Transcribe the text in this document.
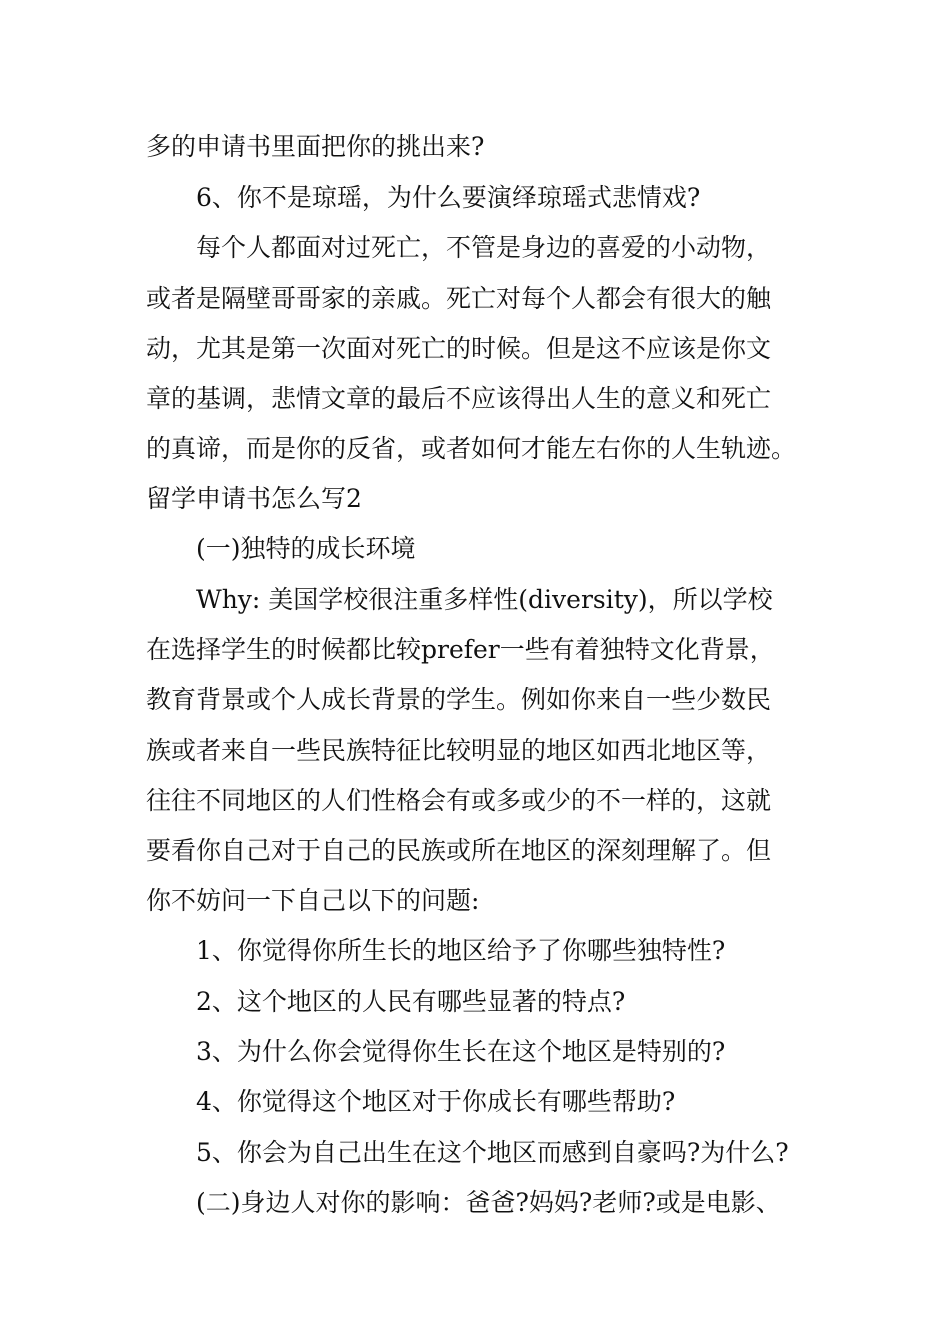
多的申请书里面把你的挑出来?
6、你不是琼瑶，为什么要演绎琼瑶式悲情戏?
每个人都面对过死亡，不管是身边的喜爱的小动物，
或者是隔壁哥哥家的亲戚。死亡对每个人都会有很大的触
动，尤其是第一次面对死亡的时候。但是这不应该是你文
章的基调，悲情文章的最后不应该得出人生的意义和死亡
的真谛，而是你的反省，或者如何才能左右你的人生轨迹。
留学申请书怎么写2
(一)独特的成长环境
Why: 美国学校很注重多样性(diversity)，所以学校
在选择学生的时候都比较prefer一些有着独特文化背景，
教育背景或个人成长背景的学生。例如你来自一些少数民
族或者来自一些民族特征比较明显的地区如西北地区等，
往往不同地区的人们性格会有或多或少的不一样的，这就
要看你自己对于自己的民族或所在地区的深刻理解了。但
你不妨问一下自己以下的问题:
1、你觉得你所生长的地区给予了你哪些独特性?
2、这个地区的人民有哪些显著的特点?
3、为什么你会觉得你生长在这个地区是特别的?
4、你觉得这个地区对于你成长有哪些帮助?
5、你会为自己出生在这个地区而感到自豪吗?为什么?
(二)身边人对你的影响：爸爸?妈妈?老师?或是电影、
